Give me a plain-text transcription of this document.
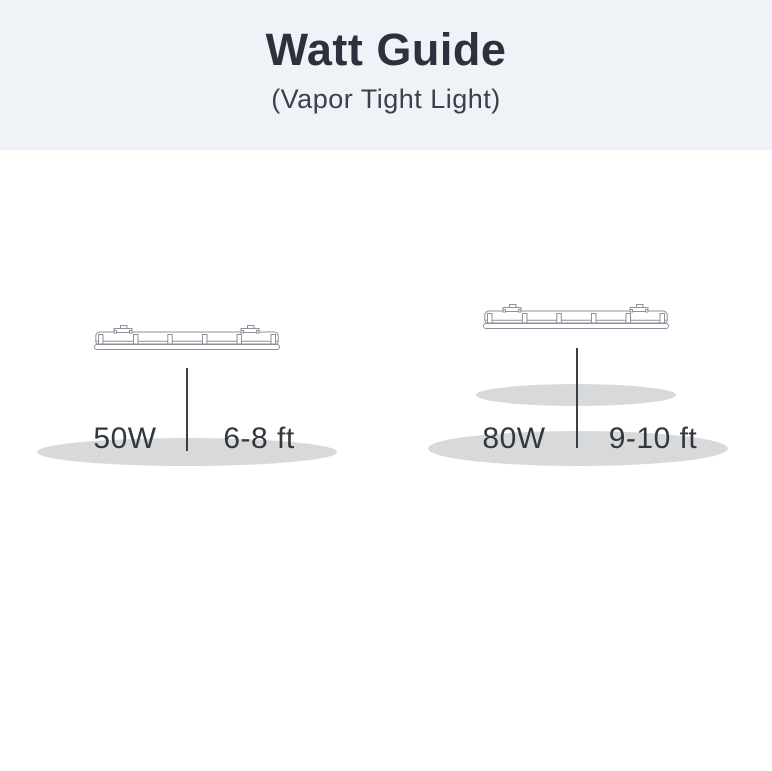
Watt Guide
(Vapor Tight Light)
50W	6-8 ft	80W	9-10 ft
